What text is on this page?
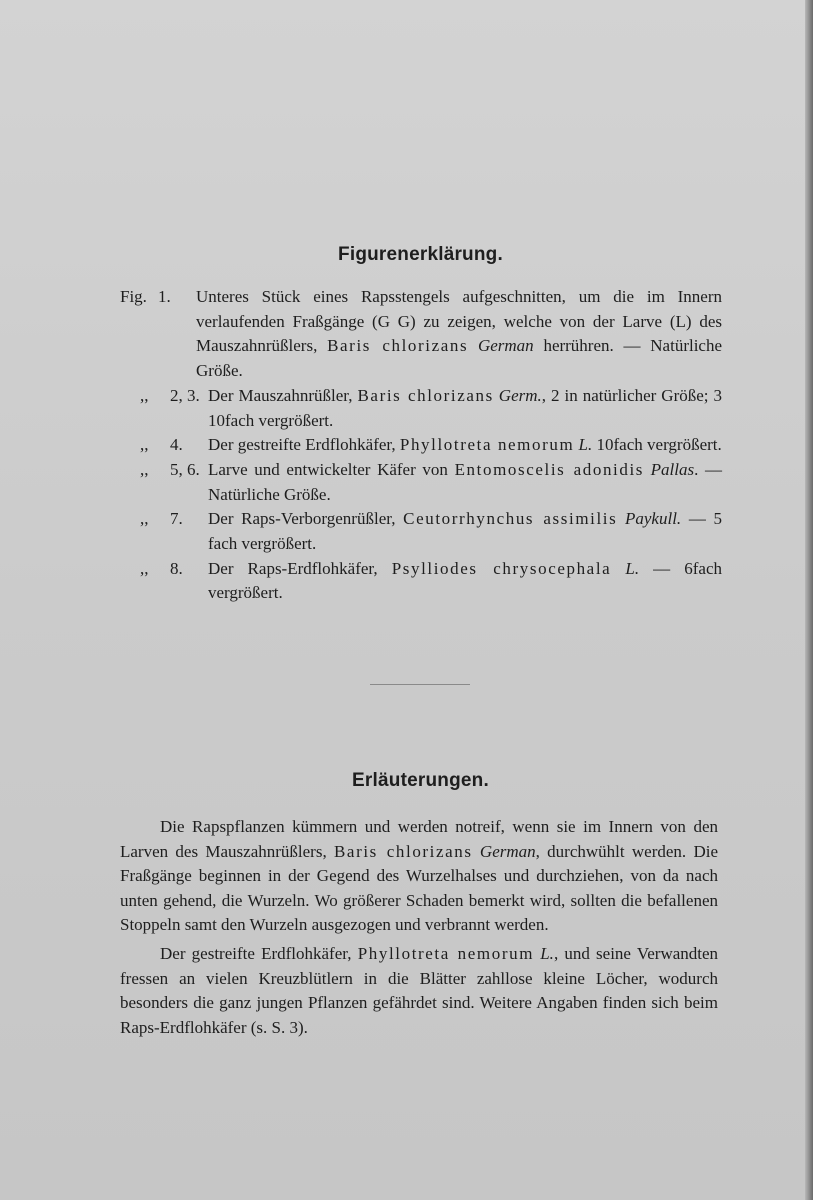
Figurenerklärung.
Fig. 1.	Unteres Stück eines Rapsstengels aufgeschnitten, um die im Innern verlaufenden Fraßgänge (G G) zu zeigen, welche von der Larve (L) des Mauszahnrüßlers, Baris chlorizans German herrühren. — Natürliche Größe.
,,	2, 3. Der Mauszahnrüßler, Baris chlorizans Germ., 2 in natürlicher Größe; 3 10fach vergrößert.
,,	4.	Der gestreifte Erdflohkäfer, Phyllotreta nemorum L. 10fach vergrößert.
,,	5, 6. Larve und entwickelter Käfer von Entomoscelis adonidis Pallas. — Natürliche Größe.
,,	7.	Der Raps-Verborgenrüßler, Ceutorrhynchus assimilis Paykull. — 5 fach vergrößert.
,,	8.	Der Raps-Erdflohkäfer, Psylliodes chrysocephala L. — 6fach vergrößert.
Erläuterungen.

Die Rapspflanzen kümmern und werden notreif, wenn sie im Innern von den Larven des Mauszahnrüßlers, Baris chlorizans German, durchwühlt werden. Die Fraßgänge beginnen in der Gegend des Wurzelhalses und durchziehen, von da nach unten gehend, die Wurzeln. Wo größerer Schaden bemerkt wird, sollten die befallenen Stoppeln samt den Wurzeln ausgezogen und verbrannt werden.

Der gestreifte Erdflohkäfer, Phyllotreta nemorum L., und seine Verwandten fressen an vielen Kreuzblütlern in die Blätter zahllose kleine Löcher, wodurch besonders die ganz jungen Pflanzen gefährdet sind. Weitere Angaben finden sich beim Raps-Erdflohkäfer (s. S. 3).
